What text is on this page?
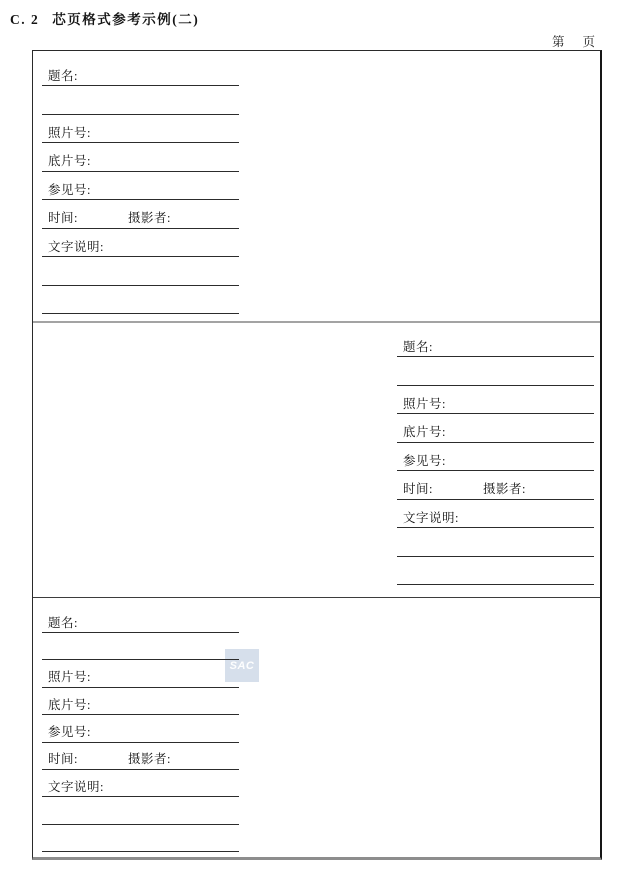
C. 2 芯页格式参考示例(二)
第 页
SAC
题名:
照片号:
底片号:
参见号:
时间:	摄影者:
文字说明:
题名:
照片号:
底片号:
参见号:
时间:	摄影者:
文字说明:
题名:
照片号:
底片号:
参见号:
时间:	摄影者:
文字说明:
